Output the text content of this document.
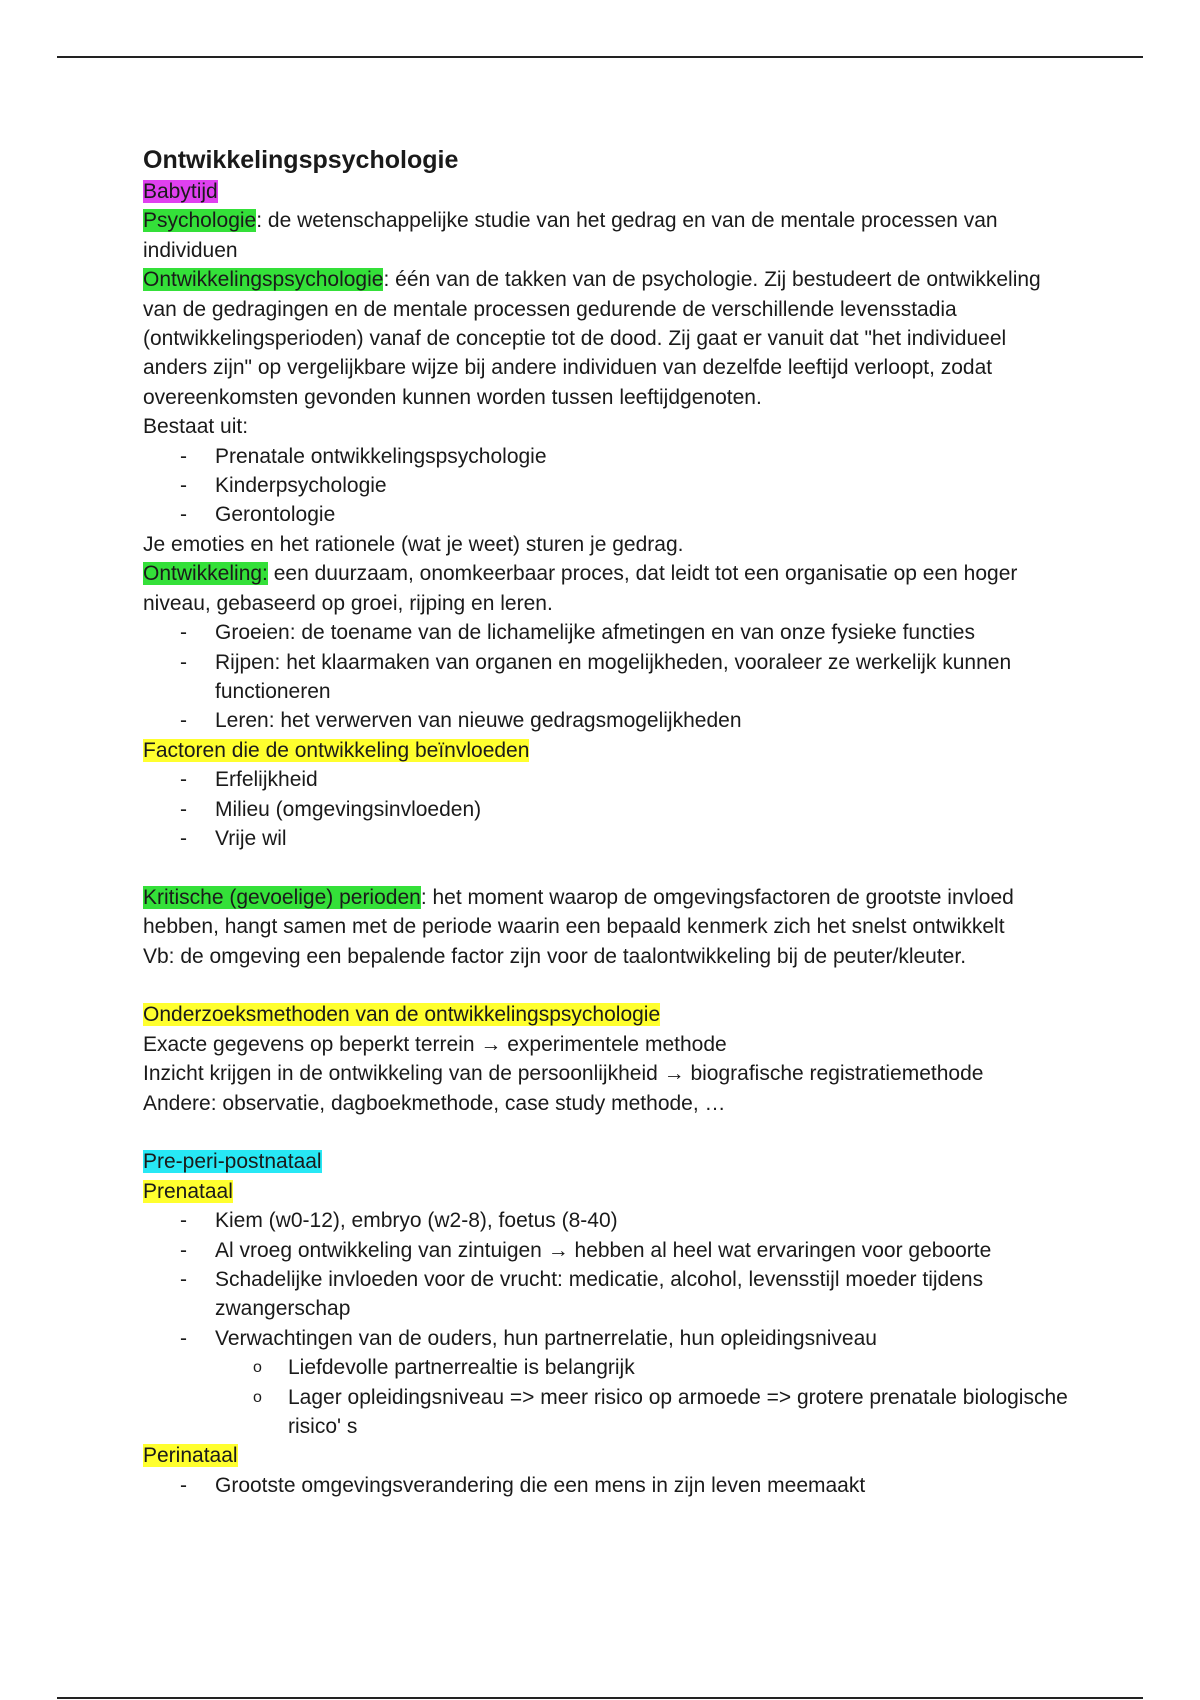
Ontwikkelingspsychologie

Babytijd

Psychologie: de wetenschappelijke studie van het gedrag en van de mentale processen van individuen

Ontwikkelingspsychologie: één van de takken van de psychologie. Zij bestudeert de ontwikkeling van de gedragingen en de mentale processen gedurende de verschillende levensstadia (ontwikkelingsperioden) vanaf de conceptie tot de dood. Zij gaat er vanuit dat "het individueel anders zijn" op vergelijkbare wijze bij andere individuen van dezelfde leeftijd verloopt, zodat overeenkomsten gevonden kunnen worden tussen leeftijdgenoten.

Bestaat uit:

- Prenatale ontwikkelingspsychologie
- Kinderpsychologie
- Gerontologie

Je emoties en het rationele (wat je weet) sturen je gedrag.

Ontwikkeling: een duurzaam, onomkeerbaar proces, dat leidt tot een organisatie op een hoger niveau, gebaseerd op groei, rijping en leren.

- Groeien: de toename van de lichamelijke afmetingen en van onze fysieke functies
- Rijpen: het klaarmaken van organen en mogelijkheden, vooraleer ze werkelijk kunnen functioneren
- Leren: het verwerven van nieuwe gedragsmogelijkheden

Factoren die de ontwikkeling beïnvloeden

- Erfelijkheid
- Milieu (omgevingsinvloeden)
- Vrije wil

Kritische (gevoelige) perioden: het moment waarop de omgevingsfactoren de grootste invloed hebben, hangt samen met de periode waarin een bepaald kenmerk zich het snelst ontwikkelt

Vb: de omgeving een bepalende factor zijn voor de taalontwikkeling bij de peuter/kleuter.

Onderzoeksmethoden van de ontwikkelingspsychologie

Exacte gegevens op beperkt terrein → experimentele methode

Inzicht krijgen in de ontwikkeling van de persoonlijkheid → biografische registratiemethode

Andere: observatie, dagboekmethode, case study methode, …

Pre-peri-postnataal

Prenataal

- Kiem (w0-12), embryo (w2-8), foetus (8-40)
- Al vroeg ontwikkeling van zintuigen → hebben al heel wat ervaringen voor geboorte
- Schadelijke invloeden voor de vrucht: medicatie, alcohol, levensstijl moeder tijdens zwangerschap
- Verwachtingen van de ouders, hun partnerrelatie, hun opleidingsniveau
o Liefdevolle partnerrealtie is belangrijk
o Lager opleidingsniveau => meer risico op armoede => grotere prenatale biologische risico' s

Perinataal

- Grootste omgevingsverandering die een mens in zijn leven meemaakt
